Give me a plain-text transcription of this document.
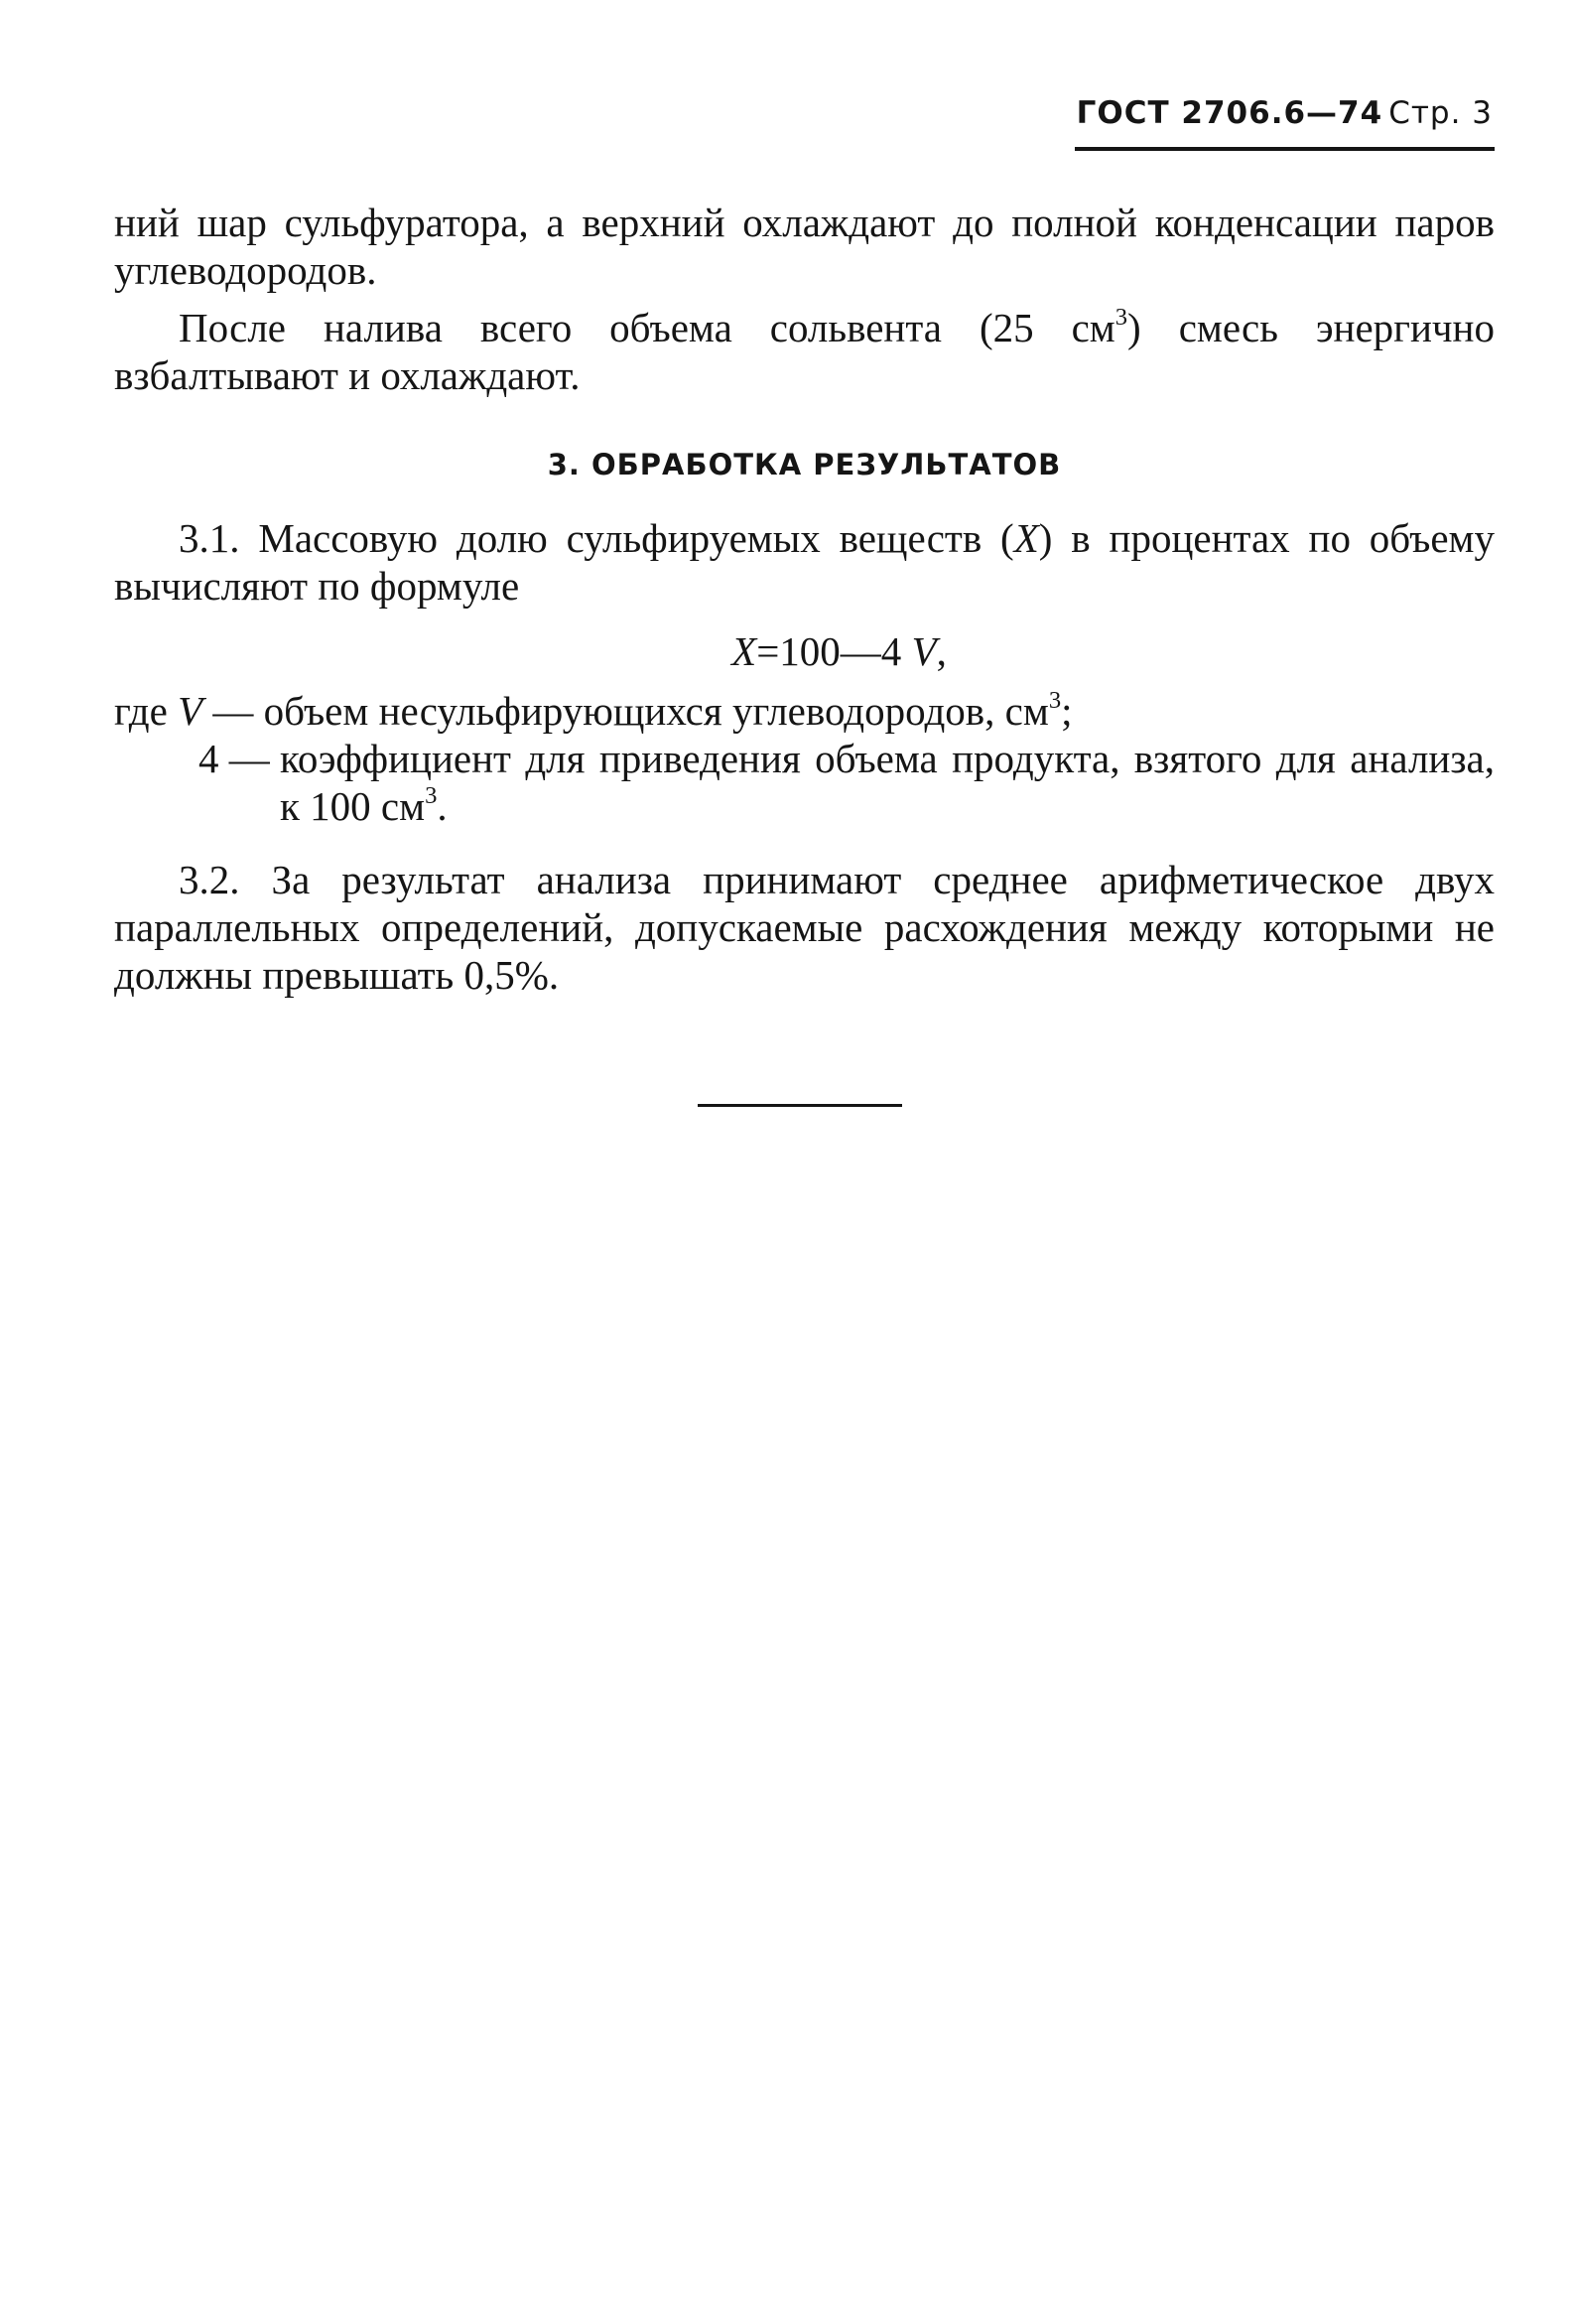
ГОСТ 2706.6—74 Стр. 3

ний шар сульфуратора, а верхний охлаждают до полной конденсации паров углеводородов.

После налива всего объема сольвента (25 $см^3$) смесь энергично взбалтывают и охлаждают.

3. ОБРАБОТКА РЕЗУЛЬТАТОВ

3.1. Массовую долю сульфируемых веществ (X) в процентах по объему вычисляют по формуле

X=100—4 V,
где V — объем несульфирующихся углеводородов, $см^3$;
4 — коэффициент для приведения объема продукта, взятого для анализа, к 100 $см^3$.

3.2. За результат анализа принимают среднее арифметическое двух параллельных определений, допускаемые расхождения между которыми не должны превышать 0,5%.
